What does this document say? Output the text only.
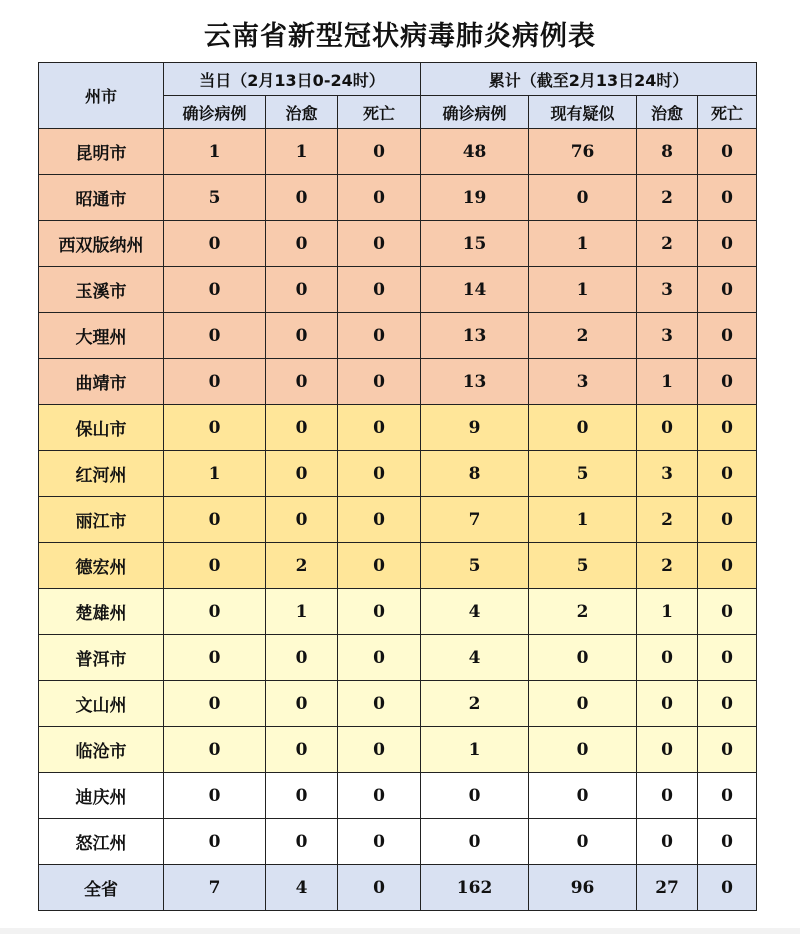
云南省新型冠状病毒肺炎病例表
州市	当日（2月13日0-24时）			累计（截至2月13日24时）			
	确诊病例	治愈	死亡	确诊病例	现有疑似	治愈	死亡
昆明市	1	1	0	48	76	8	0
昭通市	5	0	0	19	0	2	0
西双版纳州	0	0	0	15	1	2	0
玉溪市	0	0	0	14	1	3	0
大理州	0	0	0	13	2	3	0
曲靖市	0	0	0	13	3	1	0
保山市	0	0	0	9	0	0	0
红河州	1	0	0	8	5	3	0
丽江市	0	0	0	7	1	2	0
德宏州	0	2	0	5	5	2	0
楚雄州	0	1	0	4	2	1	0
普洱市	0	0	0	4	0	0	0
文山州	0	0	0	2	0	0	0
临沧市	0	0	0	1	0	0	0
迪庆州	0	0	0	0	0	0	0
怒江州	0	0	0	0	0	0	0
全省	7	4	0	162	96	27	0
